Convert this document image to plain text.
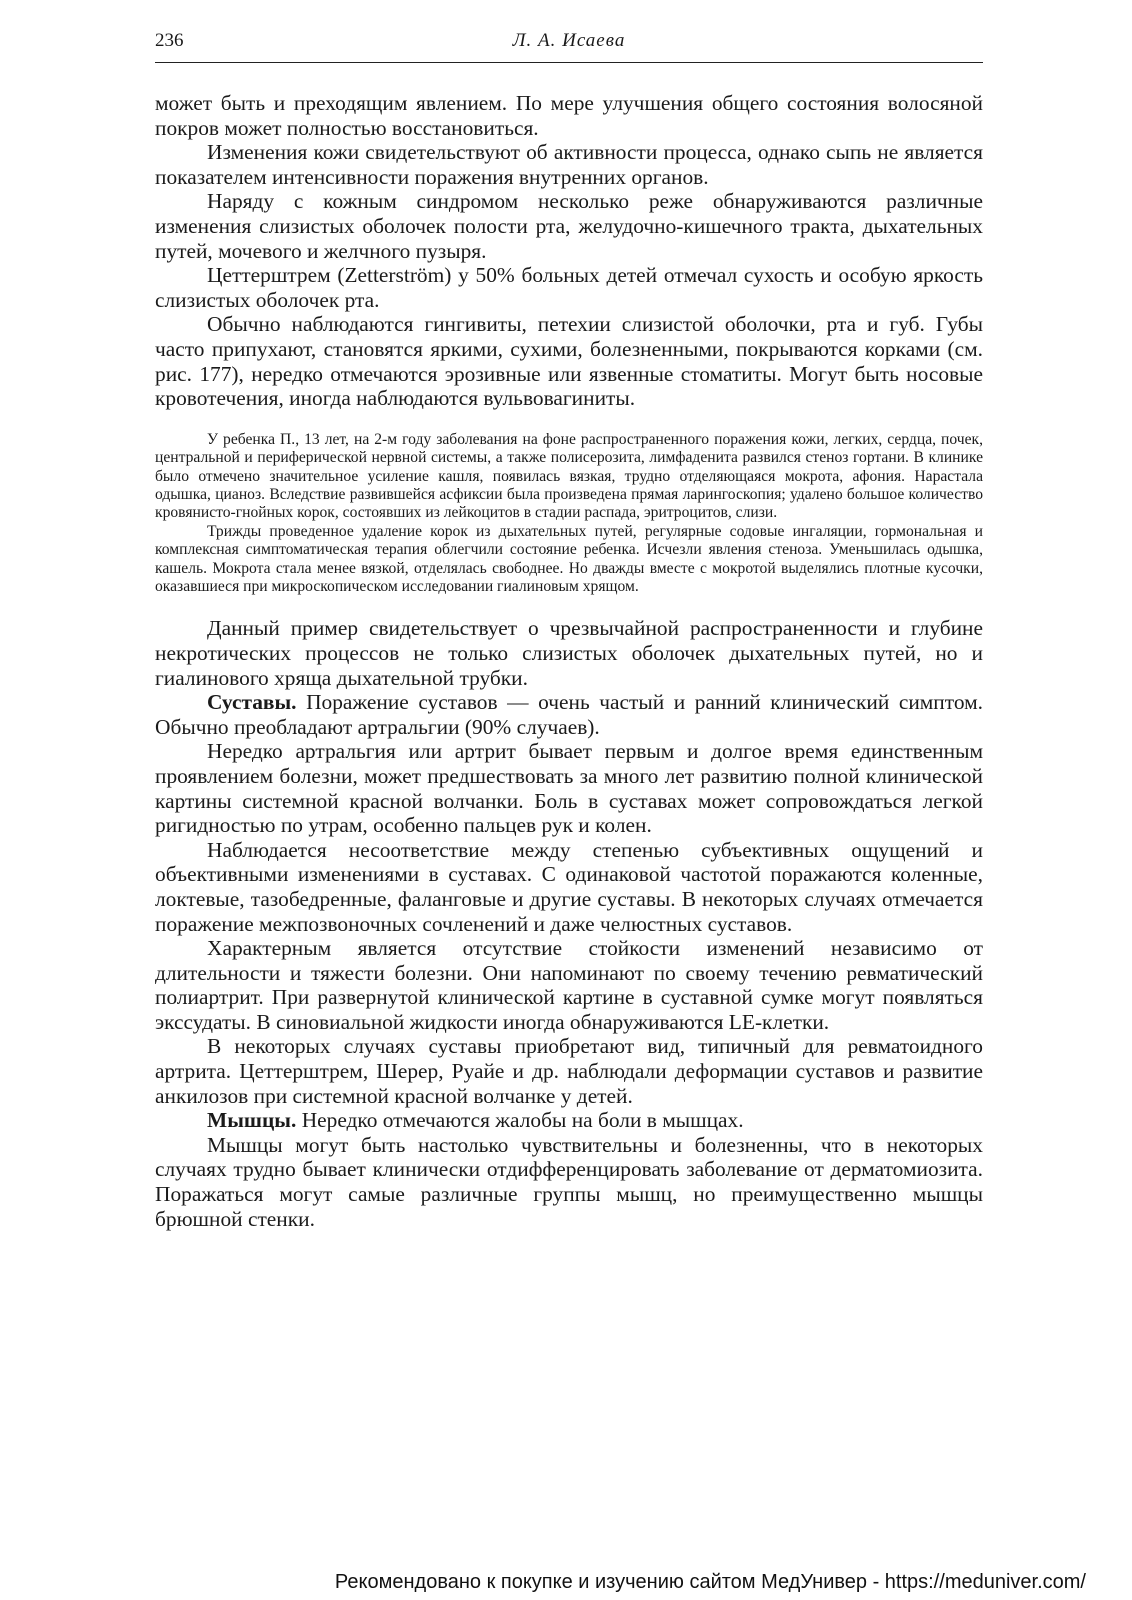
236	Л. А. Исаева

может быть и преходящим явлением. По мере улучшения общего состояния волосяной покров может полностью восстановиться.

Изменения кожи свидетельствуют об активности процесса, однако сыпь не является показателем интенсивности поражения внутренних органов.

Наряду с кожным синдромом несколько реже обнаруживаются различные изменения слизистых оболочек полости рта, желудочно-кишечного тракта, дыхательных путей, мочевого и желчного пузыря.

Цеттерштрем (Zetterström) у 50% больных детей отмечал сухость и особую яркость слизистых оболочек рта.

Обычно наблюдаются гингивиты, петехии слизистой оболочки, рта и губ. Губы часто припухают, становятся яркими, сухими, болезненными, покрываются корками (см. рис. 177), нередко отмечаются эрозивные или язвенные стоматиты. Могут быть носовые кровотечения, иногда наблюдаются вульвовагиниты.

У ребенка П., 13 лет, на 2-м году заболевания на фоне распространенного поражения кожи, легких, сердца, почек, центральной и периферической нервной системы, а также полисерозита, лимфаденита развился стеноз гортани. В клинике было отмечено значительное усиление кашля, появилась вязкая, трудно отделяющаяся мокрота, афония. Нарастала одышка, цианоз. Вследствие развившейся асфиксии была произведена прямая ларингоскопия; удалено большое количество кровянисто-гнойных корок, состоявших из лейкоцитов в стадии распада, эритроцитов, слизи.

Трижды проведенное удаление корок из дыхательных путей, регулярные содовые ингаляции, гормональная и комплексная симптоматическая терапия облегчили состояние ребенка. Исчезли явления стеноза. Уменьшилась одышка, кашель. Мокрота стала менее вязкой, отделялась свободнее. Но дважды вместе с мокротой выделялись плотные кусочки, оказавшиеся при микроскопическом исследовании гиалиновым хрящом.

Данный пример свидетельствует о чрезвычайной распространенности и глубине некротических процессов не только слизистых оболочек дыхательных путей, но и гиалинового хряща дыхательной трубки.

Суставы. Поражение суставов — очень частый и ранний клинический симптом. Обычно преобладают артральгии (90% случаев).

Нередко артральгия или артрит бывает первым и долгое время единственным проявлением болезни, может предшествовать за много лет развитию полной клинической картины системной красной волчанки. Боль в суставах может сопровождаться легкой ригидностью по утрам, особенно пальцев рук и колен.

Наблюдается несоответствие между степенью субъективных ощущений и объективными изменениями в суставах. С одинаковой частотой поражаются коленные, локтевые, тазобедренные, фаланговые и другие суставы. В некоторых случаях отмечается поражение межпозвоночных сочленений и даже челюстных суставов.

Характерным является отсутствие стойкости изменений независимо от длительности и тяжести болезни. Они напоминают по своему течению ревматический полиартрит. При развернутой клинической картине в суставной сумке могут появляться экссудаты. В синовиальной жидкости иногда обнаруживаются LE-клетки.

В некоторых случаях суставы приобретают вид, типичный для ревматоидного артрита. Цеттерштрем, Шерер, Руайе и др. наблюдали деформации суставов и развитие анкилозов при системной красной волчанке у детей.

Мышцы. Нередко отмечаются жалобы на боли в мышцах.

Мышцы могут быть настолько чувствительны и болезненны, что в некоторых случаях трудно бывает клинически отдифференцировать заболевание от дерматомиозита. Поражаться могут самые различные группы мышц, но преимущественно мышцы брюшной стенки.

Рекомендовано к покупке и изучению сайтом МедУнивер - https://meduniver.com/
